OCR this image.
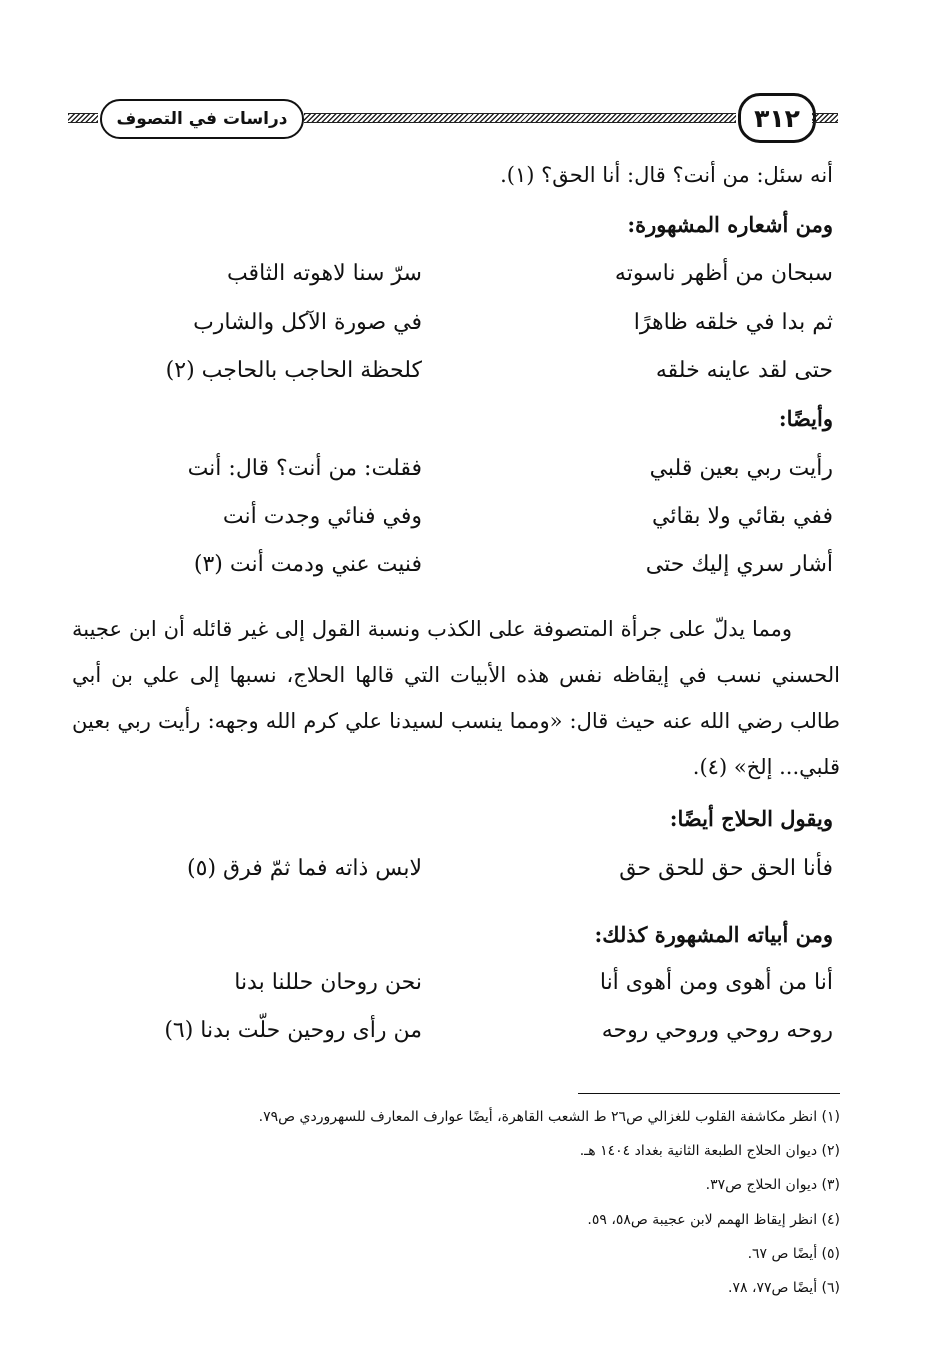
دراسات في التصوف	٣١٢
أنه سئل: من أنت؟ قال: أنا الحق؟ (١).
ومن أشعاره المشهورة:
سبحان من أظهر ناسوته
سرّ سنا لاهوته الثاقب
ثم بدا في خلقه ظاهرًا
في صورة الآكل والشارب
حتى لقد عاينه خلقه
كلحظة الحاجب بالحاجب (٢)
وأيضًا:
رأيت ربي بعين قلبي
فقلت: من أنت؟ قال: أنت
ففي بقائي ولا بقائي
وفي فنائي وجدت أنت
أشار سري إليك حتى
فنيت عني ودمت أنت (٣)
ومما يدلّ على جرأة المتصوفة على الكذب ونسبة القول إلى غير قائله أن ابن عجيبة الحسني نسب في إيقاظه نفس هذه الأبيات التي قالها الحلاج، نسبها إلى علي بن أبي طالب رضي الله عنه حيث قال: «ومما ينسب لسيدنا علي كرم الله وجهه: رأيت ربي بعين قلبي... إلخ» (٤).
ويقول الحلاج أيضًا:
فأنا الحق حق للحق حق
لابس ذاته فما ثمّ فرق (٥)
ومن أبياته المشهورة كذلك:
أنا من أهوى ومن أهوى أنا
نحن روحان حللنا بدنا
روحه روحي وروحي روحه
من رأى روحين حلّت بدنا (٦)
(١) انظر مكاشفة القلوب للغزالي ص٢٦ ط الشعب القاهرة، أيضًا عوارف المعارف للسهروردي ص٧٩.
(٢) ديوان الحلاج الطبعة الثانية بغداد ١٤٠٤ هـ.
(٣) ديوان الحلاج ص٣٧.
(٤) انظر إيقاظ الهمم لابن عجيبة ص٥٨، ٥٩.
(٥) أيضًا ص ٦٧.
(٦) أيضًا ص٧٧، ٧٨.
